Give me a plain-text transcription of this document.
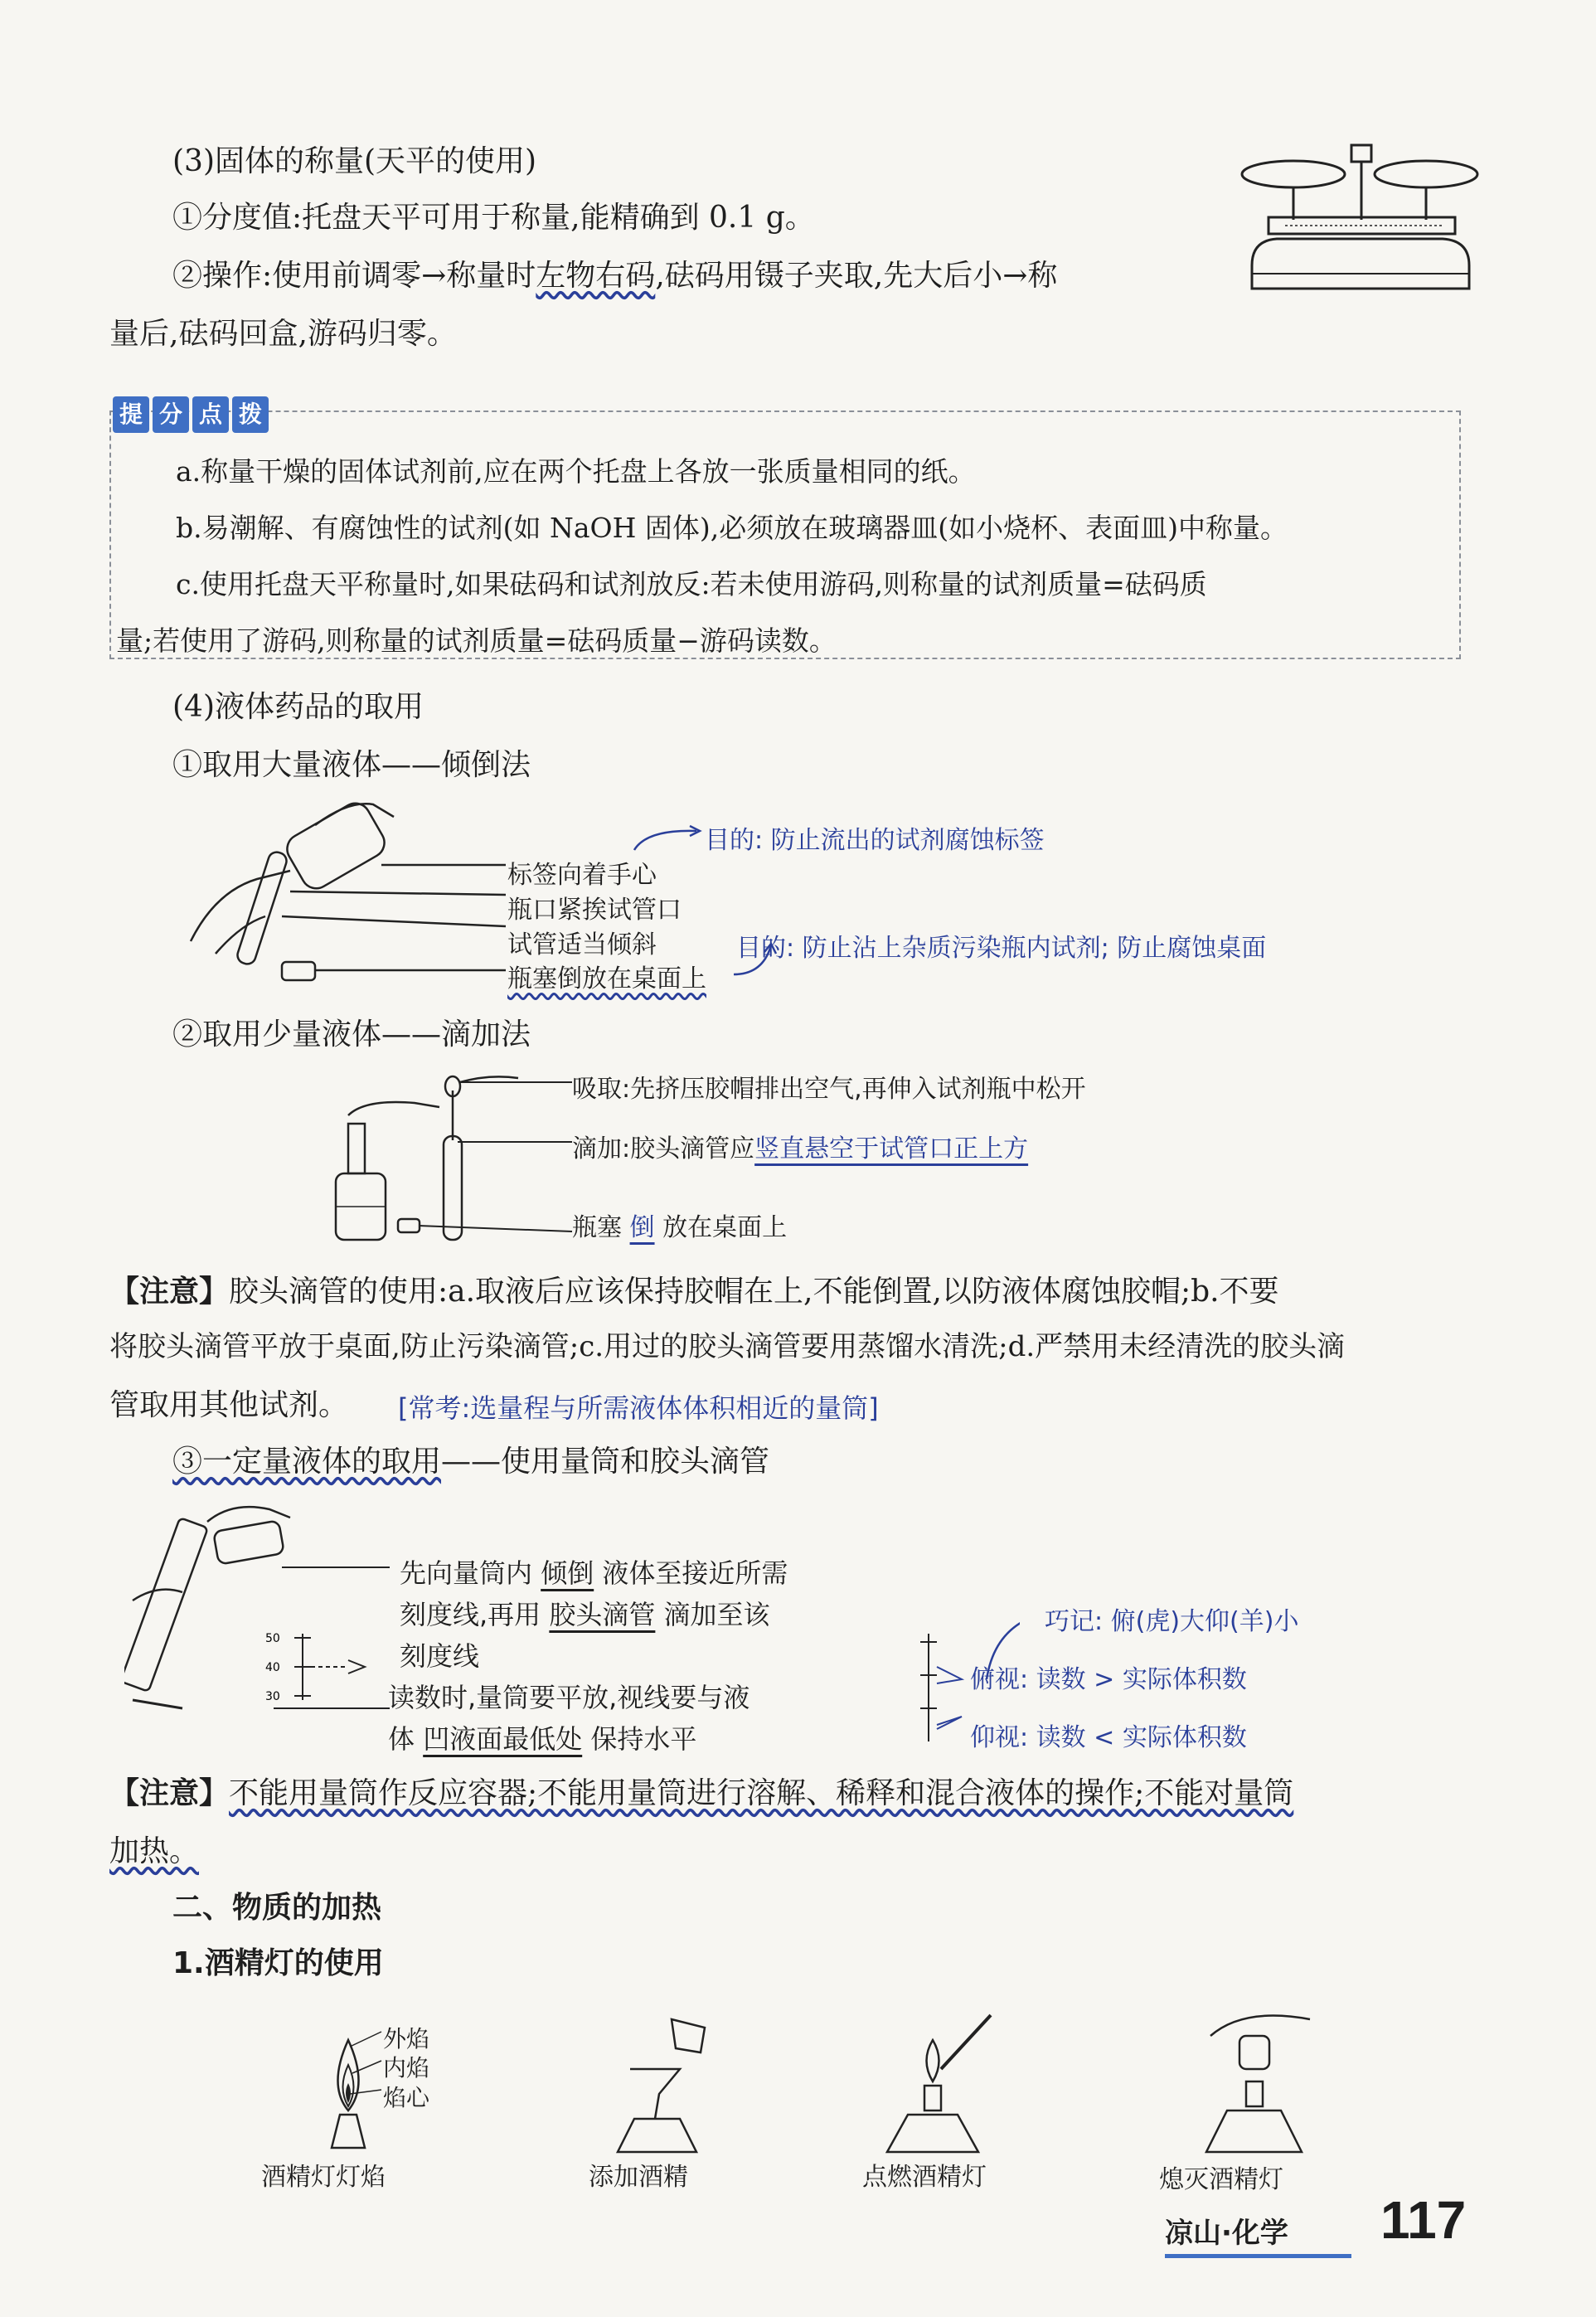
(3)固体的称量(天平的使用)
①分度值:托盘天平可用于称量,能精确到 0.1 g。
②操作:使用前调零→称量时左物右码,砝码用镊子夹取,先大后小→称
量后,砝码回盒,游码归零。
提 分 点 拨
a.称量干燥的固体试剂前,应在两个托盘上各放一张质量相同的纸。
b.易潮解、有腐蚀性的试剂(如 NaOH 固体),必须放在玻璃器皿(如小烧杯、表面皿)中称量。
c.使用托盘天平称量时,如果砝码和试剂放反:若未使用游码,则称量的试剂质量=砝码质
量;若使用了游码,则称量的试剂质量=砝码质量−游码读数。
(4)液体药品的取用
①取用大量液体——倾倒法
标签向着手心
瓶口紧挨试管口
试管适当倾斜
瓶塞倒放在桌面上
目的: 防止流出的试剂腐蚀标签
目的: 防止沾上杂质污染瓶内试剂; 防止腐蚀桌面
②取用少量液体——滴加法
吸取:先挤压胶帽排出空气,再伸入试剂瓶中松开
滴加:胶头滴管应竖直悬空于试管口正上方
瓶塞 倒 放在桌面上
【注意】胶头滴管的使用:a.取液后应该保持胶帽在上,不能倒置,以防液体腐蚀胶帽;b.不要
将胶头滴管平放于桌面,防止污染滴管;c.用过的胶头滴管要用蒸馏水清洗;d.严禁用未经清洗的胶头滴
管取用其他试剂。 [常考:选量程与所需液体体积相近的量筒]
③一定量液体的取用——使用量筒和胶头滴管
50
40
30
先向量筒内 倾倒 液体至接近所需
刻度线,再用 胶头滴管 滴加至该
刻度线
读数时,量筒要平放,视线要与液
体 凹液面最低处 保持水平
巧记: 俯(虎)大仰(羊)小
俯视: 读数 > 实际体积数
仰视: 读数 < 实际体积数
【注意】不能用量筒作反应容器;不能用量筒进行溶解、稀释和混合液体的操作;不能对量筒
加热。
二、物质的加热
1.酒精灯的使用
外焰
内焰
焰心
酒精灯灯焰	添加酒精	点燃酒精灯	熄灭酒精灯
凉山·化学 117
